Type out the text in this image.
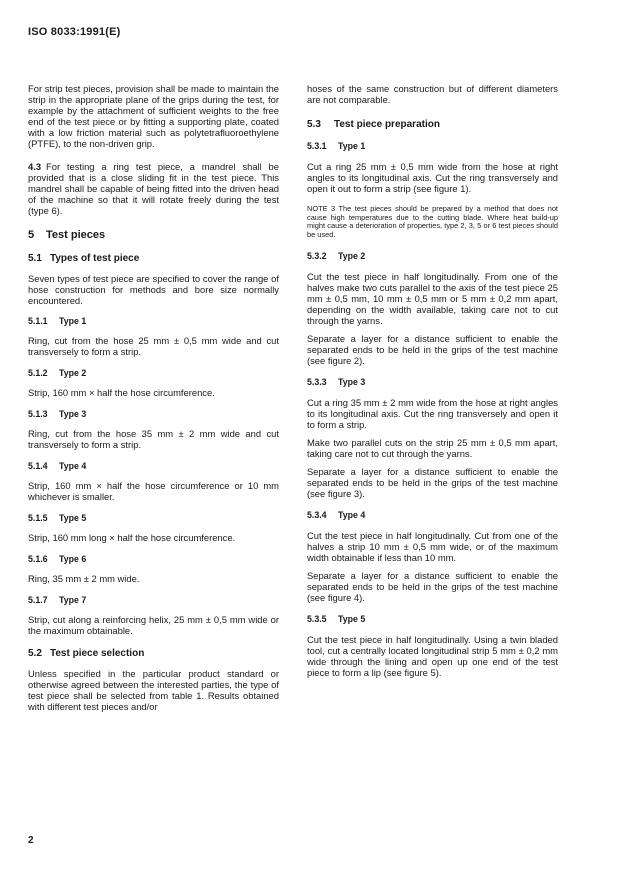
ISO 8033:1991(E)

For strip test pieces, provision shall be made to maintain the strip in the appropriate plane of the grips during the test, for example by the attachment of sufficient weights to the free end of the test piece or by fitting a supporting plate, coated with a low friction material such as polytetrafluoroethylene (PTFE), to the non-driven grip.

4.3 For testing a ring test piece, a mandrel shall be provided that is a close sliding fit in the test piece. This mandrel shall be capable of being fitted into the driven head of the machine so that it will rotate freely during the test (type 6).

5 Test pieces
5.1 Types of test piece

Seven types of test piece are specified to cover the range of hose construction for methods and bore size normally encountered.

5.1.1 Type 1

Ring, cut from the hose 25 mm ± 0,5 mm wide and cut transversely to form a strip.

5.1.2 Type 2

Strip, 160 mm × half the hose circumference.

5.1.3 Type 3

Ring, cut from the hose 35 mm ± 2 mm wide and cut transversely to form a strip.

5.1.4 Type 4

Strip, 160 mm × half the hose circumference or 10 mm whichever is smaller.

5.1.5 Type 5

Strip, 160 mm long × half the hose circumference.

5.1.6 Type 6

Ring, 35 mm ± 2 mm wide.

5.1.7 Type 7

Strip, cut along a reinforcing helix, 25 mm ± 0,5 mm wide or the maximum obtainable.

5.2 Test piece selection

Unless specified in the particular product standard or otherwise agreed between the interested parties, the type of test piece shall be selected from table 1. Results obtained with different test pieces and/or

hoses of the same construction but of different diameters are not comparable.

5.3 Test piece preparation
5.3.1 Type 1

Cut a ring 25 mm ± 0,5 mm wide from the hose at right angles to its longitudinal axis. Cut the ring transversely and open it out to form a strip (see figure 1).

NOTE 3 The test pieces should be prepared by a method that does not cause high temperatures due to the cutting blade. Where heat build-up might cause a deterioration of properties, type 2, 3, 5 or 6 test pieces should be used.

5.3.2 Type 2

Cut the test piece in half longitudinally. From one of the halves make two cuts parallel to the axis of the test piece 25 mm ± 0,5 mm, 10 mm ± 0,5 mm or 5 mm ± 0,2 mm apart, depending on the width available, taking care not to cut through the yarns.

Separate a layer for a distance sufficient to enable the separated ends to be held in the grips of the test machine (see figure 2).

5.3.3 Type 3

Cut a ring 35 mm ± 2 mm wide from the hose at right angles to its longitudinal axis. Cut the ring transversely and open it to form a strip.

Make two parallel cuts on the strip 25 mm ± 0,5 mm apart, taking care not to cut through the yarns.

Separate a layer for a distance sufficient to enable the separated ends to be held in the grips of the test machine (see figure 3).

5.3.4 Type 4

Cut the test piece in half longitudinally. Cut from one of the halves a strip 10 mm ± 0,5 mm wide, or of the maximum width obtainable if less than 10 mm.

Separate a layer for a distance sufficient to enable the separated ends to be held in the grips of the test machine (see figure 4).

5.3.5 Type 5

Cut the test piece in half longitudinally. Using a twin bladed tool, cut a centrally located longitudinal strip 5 mm ± 0,2 mm wide through the lining and open up one end of the test piece to form a lip (see figure 5).

2
